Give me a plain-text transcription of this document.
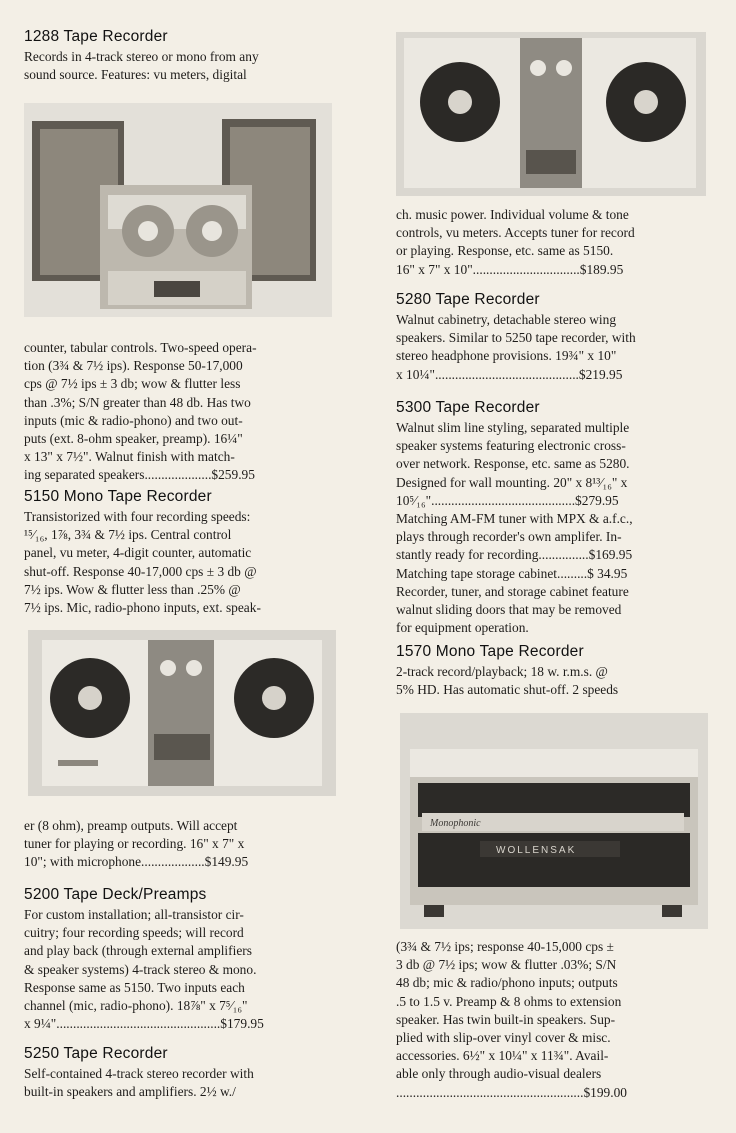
1288 Tape Recorder

Records in 4-track stereo or mono from any
sound source. Features: vu meters, digital

counter, tabular controls. Two-speed opera-
tion (3¾ & 7½ ips). Response 50-17,000
cps @ 7½ ips ± 3 db; wow & flutter less
than .3%; S/N greater than 48 db. Has two
inputs (mic & radio-phono) and two out-
puts (ext. 8-ohm speaker, preamp). 16¼"
x 13" x 7½". Walnut finish with match-
ing separated speakers....................$259.95

5150 Mono Tape Recorder

Transistorized with four recording speeds:
¹⁵⁄₁₆, 1⅞, 3¾ & 7½ ips. Central control
panel, vu meter, 4-digit counter, automatic
shut-off. Response 40-17,000 cps ± 3 db @
7½ ips. Wow & flutter less than .25% @
7½ ips. Mic, radio-phono inputs, ext. speak-

er (8 ohm), preamp outputs. Will accept
tuner for playing or recording. 16" x 7" x
10"; with microphone...................$149.95

5200 Tape Deck/Preamps

For custom installation; all-transistor cir-
cuitry; four recording speeds; will record
and play back (through external amplifiers
& speaker systems) 4-track stereo & mono.
Response same as 5150. Two inputs each
channel (mic, radio-phono). 18⅞" x 7⁵⁄₁₆"
x 9¼".................................................$179.95

5250 Tape Recorder

Self-contained 4-track stereo recorder with
built-in speakers and amplifiers. 2½ w./

ch. music power. Individual volume & tone
controls, vu meters. Accepts tuner for record
or playing. Response, etc. same as 5150.
16" x 7" x 10"................................$189.95

5280 Tape Recorder

Walnut cabinetry, detachable stereo wing
speakers. Similar to 5250 tape recorder, with
stereo headphone provisions. 19¾" x 10"
x 10¼"...........................................$219.95

5300 Tape Recorder

Walnut slim line styling, separated multiple
speaker systems featuring electronic cross-
over network. Response, etc. same as 5280.
Designed for wall mounting. 20" x 8¹³⁄₁₆" x
10⁵⁄₁₆"...........................................$279.95
Matching AM-FM tuner with MPX & a.f.c.,
plays through recorder's own amplifer. In-
stantly ready for recording...............$169.95
Matching tape storage cabinet.........$ 34.95
Recorder, tuner, and storage cabinet feature
walnut sliding doors that may be removed
for equipment operation.

1570 Mono Tape Recorder

2-track record/playback; 18 w. r.m.s. @
5% HD. Has automatic shut-off. 2 speeds

Monophonic
WOLLENSAK

(3¾ & 7½ ips; response 40-15,000 cps ±
3 db @ 7½ ips; wow & flutter .03%; S/N
48 db; mic & radio/phono inputs; outputs
.5 to 1.5 v. Preamp & 8 ohms to extension
speaker. Has twin built-in speakers. Sup-
plied with slip-over vinyl cover & misc.
accessories. 6½" x 10¼" x 11¾". Avail-
able only through audio-visual dealers
........................................................$199.00
